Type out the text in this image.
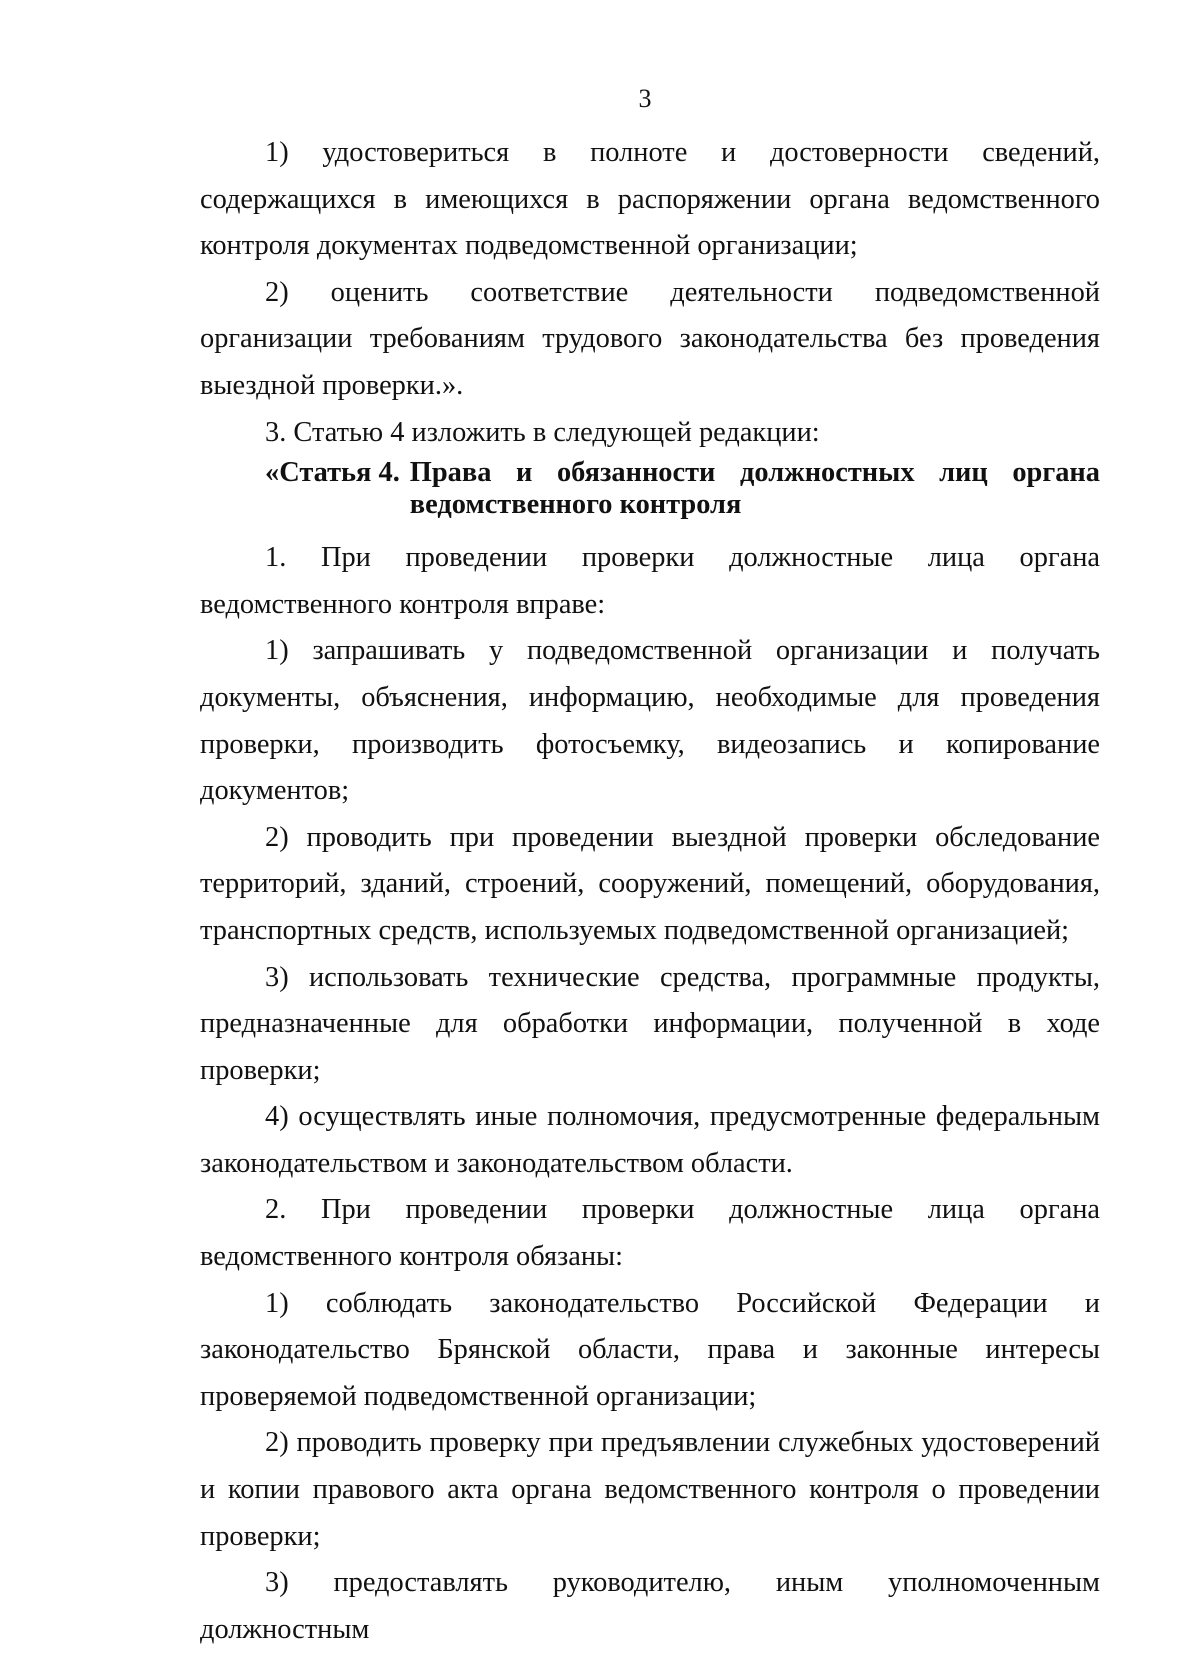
3

1) удостовериться в полноте и достоверности сведений, содержащихся в имеющихся в распоряжении органа ведомственного контроля документах подведомственной организации;

2) оценить соответствие деятельности подведомственной организации требованиям трудового законодательства без проведения выездной проверки.».

3. Статью 4 изложить в следующей редакции:

«Статья 4. Права и обязанности должностных лиц органа ведомственного контроля

1. При проведении проверки должностные лица органа ведомственного контроля вправе:

1) запрашивать у подведомственной организации и получать документы, объяснения, информацию, необходимые для проведения проверки, производить фотосъемку, видеозапись и копирование документов;

2) проводить при проведении выездной проверки обследование территорий, зданий, строений, сооружений, помещений, оборудования, транспортных средств, используемых подведомственной организацией;

3) использовать технические средства, программные продукты, предназначенные для обработки информации, полученной в ходе проверки;

4) осуществлять иные полномочия, предусмотренные федеральным законодательством и законодательством области.

2. При проведении проверки должностные лица органа ведомственного контроля обязаны:

1) соблюдать законодательство Российской Федерации и законодательство Брянской области, права и законные интересы проверяемой подведомственной организации;

2) проводить проверку при предъявлении служебных удостоверений и копии правового акта органа ведомственного контроля о проведении проверки;

3) предоставлять руководителю, иным уполномоченным должностным
